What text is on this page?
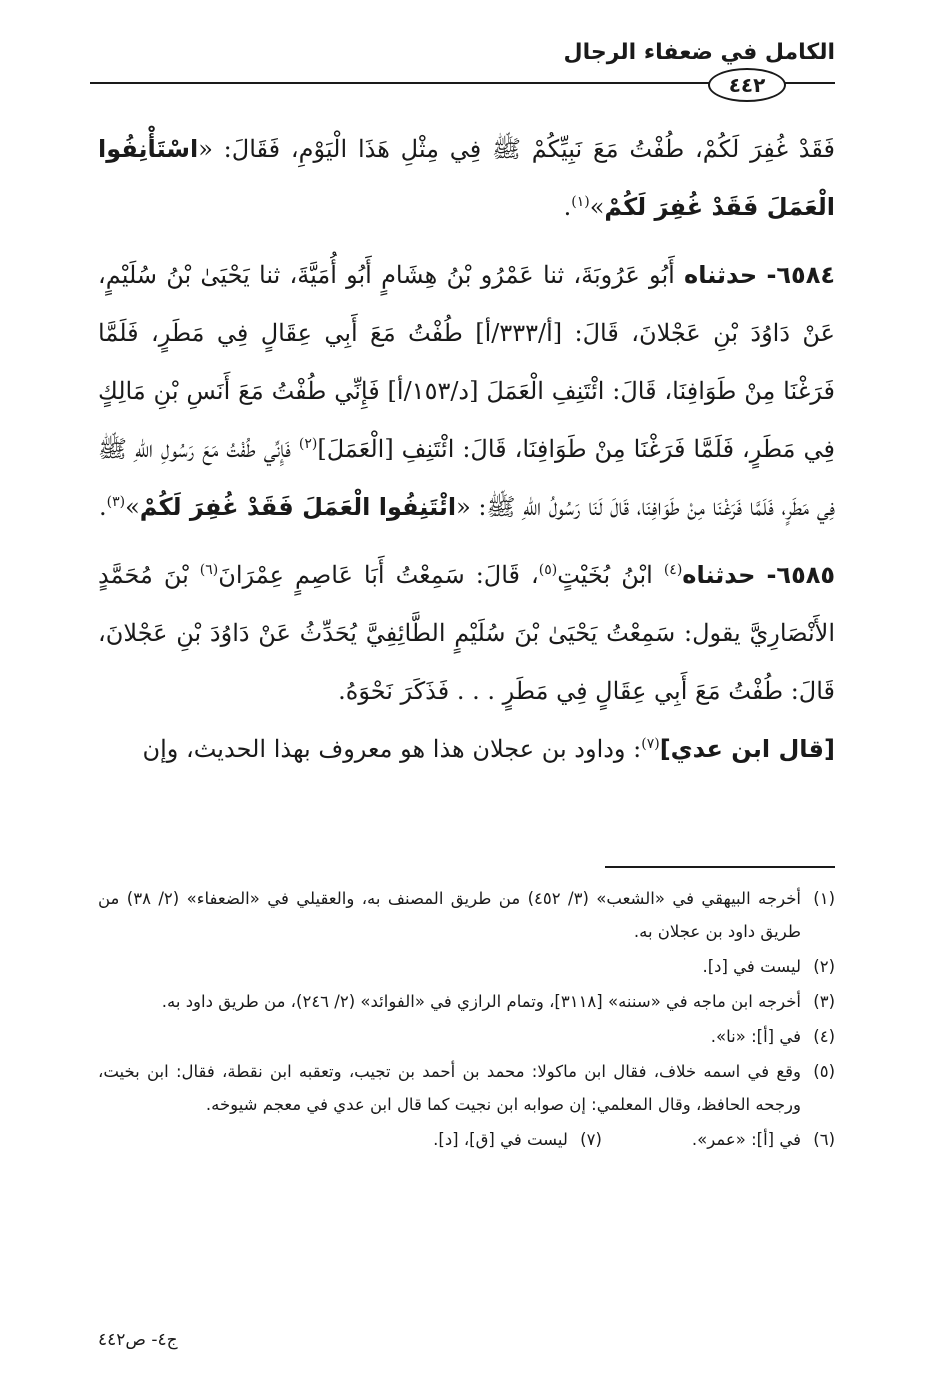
الكامل في ضعفاء الرجال
٤٤٢

فَقَدْ غُفِرَ لَكُمْ، طُفْتُ مَعَ نَبِيِّكُمْ ﷺ فِي مِثْلِ هَذَا الْيَوْمِ، فَقَالَ: «اسْتَأْنِفُوا الْعَمَلَ فَقَدْ غُفِرَ لَكُمْ»$^{(١)}$.

٦٥٨٤- حدثناه أَبُو عَرُوبَةَ، ثنا عَمْرُو بْنُ هِشَامٍ أَبُو أُمَيَّةَ، ثنا يَحْيَىٰ بْنُ سُلَيْمٍ، عَنْ دَاوُدَ بْنِ عَجْلانَ، قَالَ: [أ/٣٣٣/أ] طُفْتُ مَعَ أَبِي عِقَالٍ فِي مَطَرٍ، فَلَمَّا فَرَغْنَا مِنْ طَوَافِنَا، قَالَ: ائْتَنِفِ الْعَمَلَ [د/١٥٣/أ] فَإِنِّي طُفْتُ مَعَ أَنَسِ بْنِ مَالِكٍ فِي مَطَرٍ، فَلَمَّا فَرَغْنَا مِنْ طَوَافِنَا، قَالَ: ائْتَنِفِ [الْعَمَلَ]$^{(٢)}$ فَإِنِّي طُفْتُ مَعَ رَسُولِ اللهِ ﷺ فِي مَطَرٍ، فَلَمَّا فَرَغْنَا مِنْ طَوَافِنَا، قَالَ لَنَا رَسُولُ اللهِ ﷺ: «ائْتَنِفُوا الْعَمَلَ فَقَدْ غُفِرَ لَكُمْ»$^{(٣)}$.

٦٥٨٥- حدثناه$^{(٤)}$ ابْنُ بُخَيْتٍ$^{(٥)}$، قَالَ: سَمِعْتُ أَبَا عَاصِمٍ عِمْرَانَ$^{(٦)}$ بْنَ مُحَمَّدٍ الأَنْصَارِيَّ يقول: سَمِعْتُ يَحْيَىٰ بْنَ سُلَيْمٍ الطَّائِفِيَّ يُحَدِّثُ عَنْ دَاوُدَ بْنِ عَجْلانَ، قَالَ: طُفْتُ مَعَ أَبِي عِقَالٍ فِي مَطَرٍ . . . فَذَكَرَ نَحْوَهُ.

[قال ابن عدي]$^{(٧)}$: وداود بن عجلان هذا هو معروف بهذا الحديث، وإن

(١)
أخرجه البيهقي في «الشعب» (٣/ ٤٥٢) من طريق المصنف به، والعقيلي في «الضعفاء» (٢/ ٣٨) من طريق داود بن عجلان به.
(٢)
ليست في [د].
(٣)
أخرجه ابن ماجه في «سننه» [٣١١٨]، وتمام الرازي في «الفوائد» (٢/ ٢٤٦)، من طريق داود به.
(٤)
في [أ]: «نا».
(٥)
وقع في اسمه خلاف، فقال ابن ماكولا: محمد بن أحمد بن تجيب، وتعقبه ابن نقطة، فقال: ابن بخيت، ورجحه الحافظ، وقال المعلمي: إن صوابه ابن نجيت كما قال ابن عدي في معجم شيوخه.
(٦)
في [أ]: «عمر».
(٧)
ليست في [ق]، [د].
ج٤- ص٤٤٢
